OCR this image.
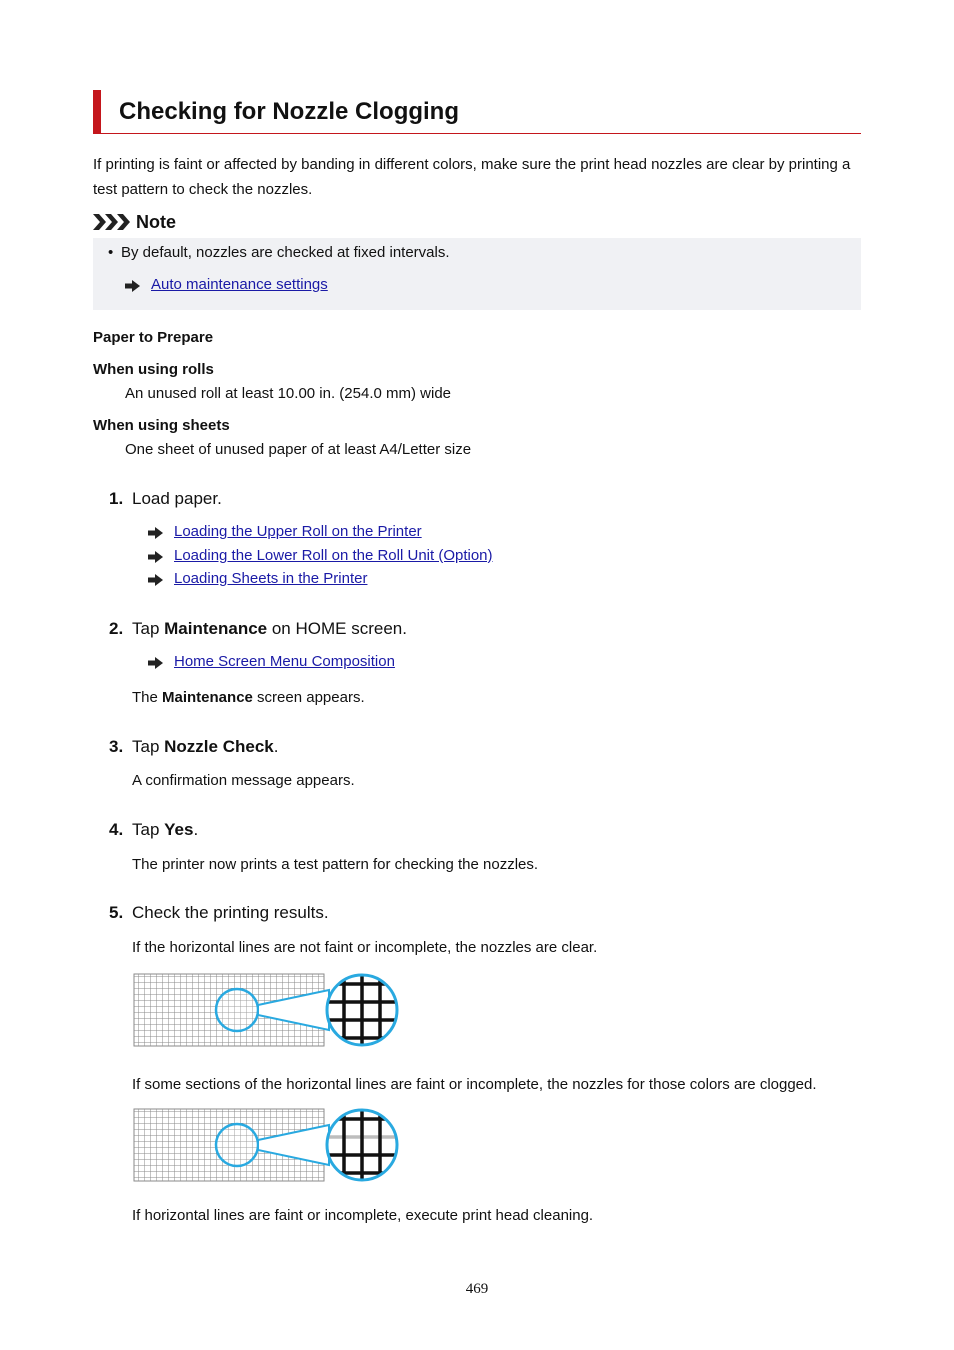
Checking for Nozzle Clogging

If printing is faint or affected by banding in different colors, make sure the print head nozzles are clear by printing a test pattern to check the nozzles.

Note
• By default, nozzles are checked at fixed intervals.
Auto maintenance settings
Paper to Prepare
When using rolls
An unused roll at least 10.00 in. (254.0 mm) wide
When using sheets
One sheet of unused paper of at least A4/Letter size
1. Load paper.
Loading the Upper Roll on the Printer
Loading the Lower Roll on the Roll Unit (Option)
Loading Sheets in the Printer
2. Tap Maintenance on HOME screen.
Home Screen Menu Composition
The Maintenance screen appears.
3. Tap Nozzle Check.
A confirmation message appears.
4. Tap Yes.
The printer now prints a test pattern for checking the nozzles.
5. Check the printing results.
If the horizontal lines are not faint or incomplete, the nozzles are clear.
If some sections of the horizontal lines are faint or incomplete, the nozzles for those colors are clogged.
If horizontal lines are faint or incomplete, execute print head cleaning.
469
